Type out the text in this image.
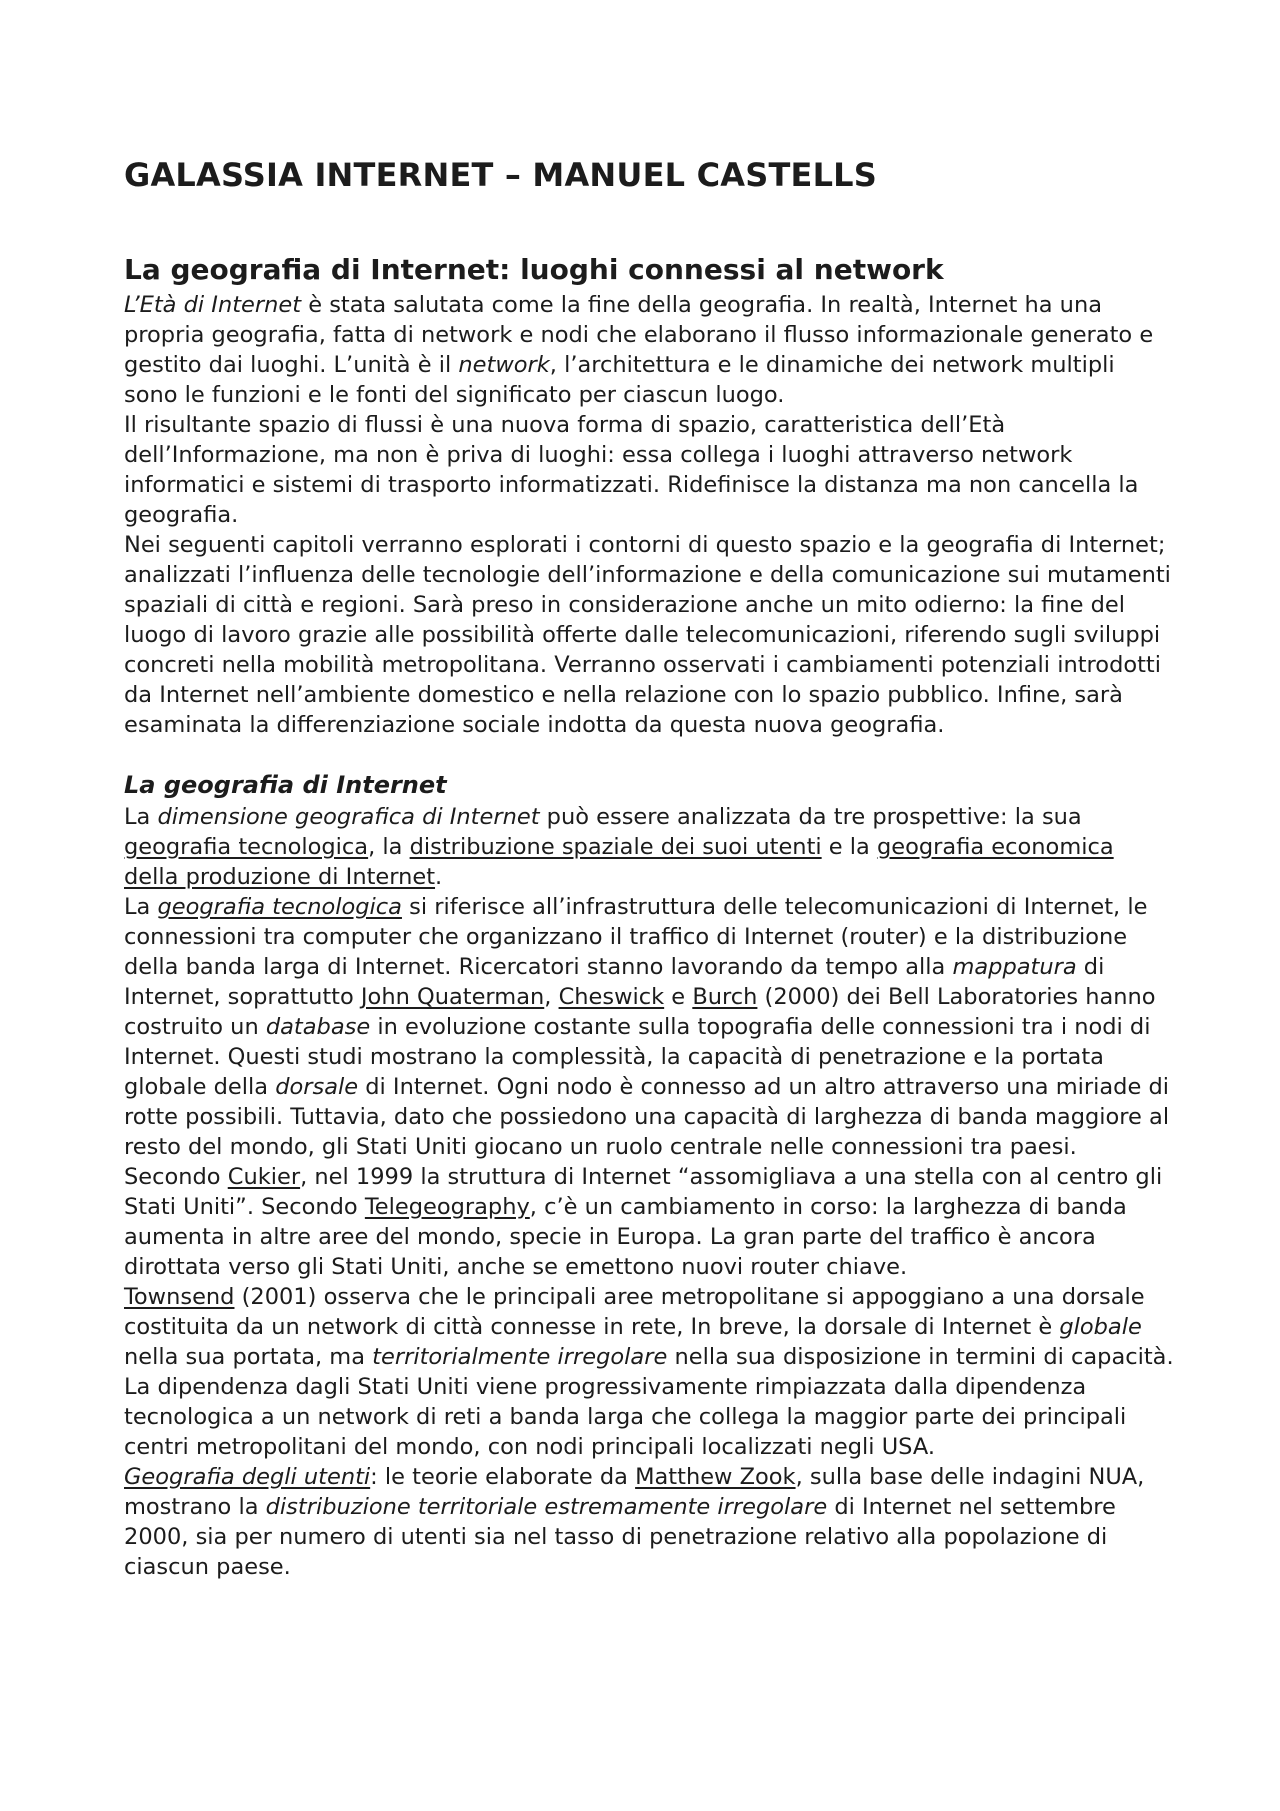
GALASSIA INTERNET – MANUEL CASTELLS
La geografia di Internet: luoghi connessi al network

L’Età di Internet è stata salutata come la fine della geografia. In realtà, Internet ha una propria geografia, fatta di network e nodi che elaborano il flusso informazionale generato e gestito dai luoghi. L’unità è il network, l’architettura e le dinamiche dei network multipli sono le funzioni e le fonti del significato per ciascun luogo.

Il risultante spazio di flussi è una nuova forma di spazio, caratteristica dell’Età dell’Informazione, ma non è priva di luoghi: essa collega i luoghi attraverso network informatici e sistemi di trasporto informatizzati. Ridefinisce la distanza ma non cancella la geografia.

Nei seguenti capitoli verranno esplorati i contorni di questo spazio e la geografia di Internet; analizzati l’influenza delle tecnologie dell’informazione e della comunicazione sui mutamenti spaziali di città e regioni. Sarà preso in considerazione anche un mito odierno: la fine del luogo di lavoro grazie alle possibilità offerte dalle telecomunicazioni, riferendo sugli sviluppi concreti nella mobilità metropolitana. Verranno osservati i cambiamenti potenziali introdotti da Internet nell’ambiente domestico e nella relazione con lo spazio pubblico. Infine, sarà esaminata la differenziazione sociale indotta da questa nuova geografia.

La geografia di Internet

La dimensione geografica di Internet può essere analizzata da tre prospettive: la sua geografia tecnologica, la distribuzione spaziale dei suoi utenti e la geografia economica della produzione di Internet.

La geografia tecnologica si riferisce all’infrastruttura delle telecomunicazioni di Internet, le connessioni tra computer che organizzano il traffico di Internet (router) e la distribuzione della banda larga di Internet. Ricercatori stanno lavorando da tempo alla mappatura di Internet, soprattutto John Quaterman, Cheswick e Burch (2000) dei Bell Laboratories hanno costruito un database in evoluzione costante sulla topografia delle connessioni tra i nodi di Internet. Questi studi mostrano la complessità, la capacità di penetrazione e la portata globale della dorsale di Internet. Ogni nodo è connesso ad un altro attraverso una miriade di rotte possibili. Tuttavia, dato che possiedono una capacità di larghezza di banda maggiore al resto del mondo, gli Stati Uniti giocano un ruolo centrale nelle connessioni tra paesi.

Secondo Cukier, nel 1999 la struttura di Internet “assomigliava a una stella con al centro gli Stati Uniti”. Secondo Telegeography, c’è un cambiamento in corso: la larghezza di banda aumenta in altre aree del mondo, specie in Europa. La gran parte del traffico è ancora dirottata verso gli Stati Uniti, anche se emettono nuovi router chiave.

Townsend (2001) osserva che le principali aree metropolitane si appoggiano a una dorsale costituita da un network di città connesse in rete, In breve, la dorsale di Internet è globale nella sua portata, ma territorialmente irregolare nella sua disposizione in termini di capacità. La dipendenza dagli Stati Uniti viene progressivamente rimpiazzata dalla dipendenza tecnologica a un network di reti a banda larga che collega la maggior parte dei principali centri metropolitani del mondo, con nodi principali localizzati negli USA.

Geografia degli utenti: le teorie elaborate da Matthew Zook, sulla base delle indagini NUA, mostrano la distribuzione territoriale estremamente irregolare di Internet nel settembre 2000, sia per numero di utenti sia nel tasso di penetrazione relativo alla popolazione di ciascun paese.
